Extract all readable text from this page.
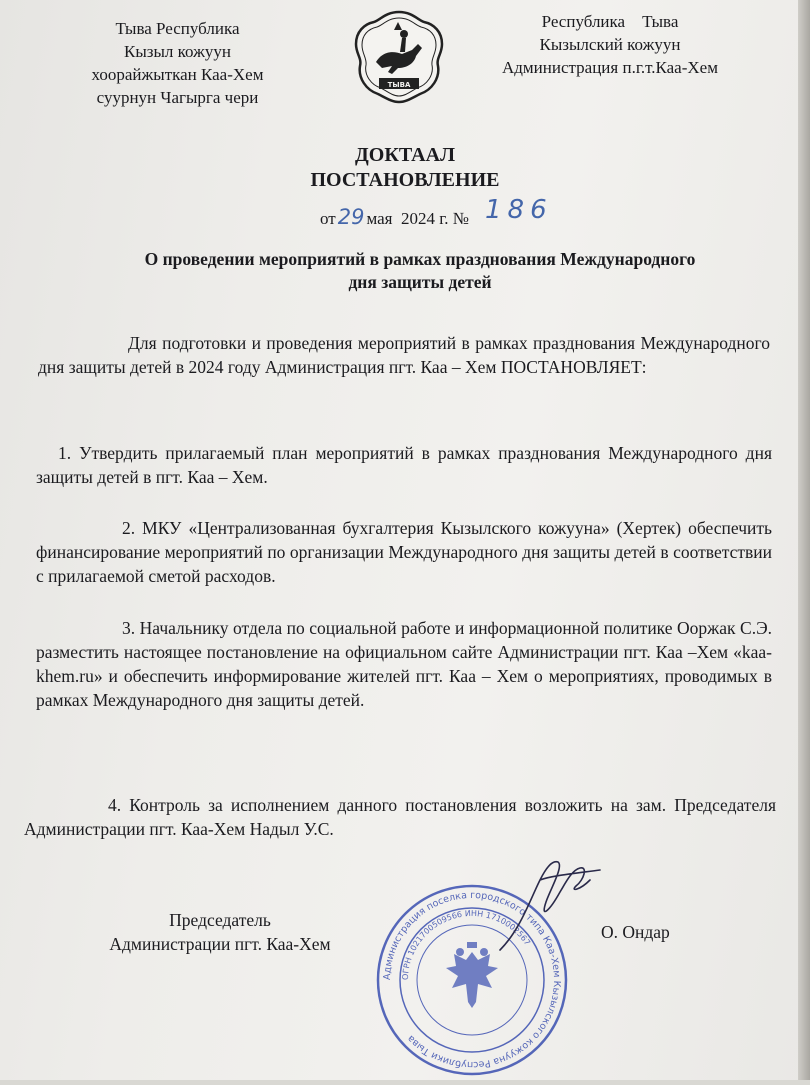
Тыва Республика
Кызыл кожуун
хоорайжыткан Каа-Хем
суурнун Чагырга чери
ТЫВА
Республика    Тыва
Кызылский кожуун
Администрация п.г.т.Каа-Хем
ДОКТААЛ
ПОСТАНОВЛЕНИЕ
от29 мая  2024 г. № 186
О проведении мероприятий в рамках празднования Международного
дня защиты детей
Для подготовки и проведения мероприятий в рамках празднования Международного дня защиты детей в 2024 году Администрация пгт. Каа – Хем ПОСТАНОВЛЯЕТ:
1. Утвердить прилагаемый план мероприятий в рамках празднования Международного дня защиты детей в пгт. Каа – Хем.
2. МКУ «Централизованная бухгалтерия Кызылского кожууна» (Хертек) обеспечить финансирование мероприятий по организации Международного дня защиты детей в соответствии с прилагаемой сметой расходов.
3. Начальнику отдела по социальной работе и информационной политике Ооржак С.Э. разместить настоящее постановление на официальном сайте Администрации пгт. Каа –Хем «kaa-khem.ru» и обеспечить информирование жителей пгт. Каа – Хем о мероприятиях, проводимых в рамках Международного дня защиты детей.
4. Контроль за исполнением данного постановления возложить на зам. Председателя Администрации пгт. Каа-Хем Надыл У.С.
Председатель
Администрации пгт. Каа-Хем
Администрация поселка городского типа Каа-Хем Кызылского кожууна Республики Тыва
ОГРН 1021700509566 ИНН 1710002567
О. Ондар
